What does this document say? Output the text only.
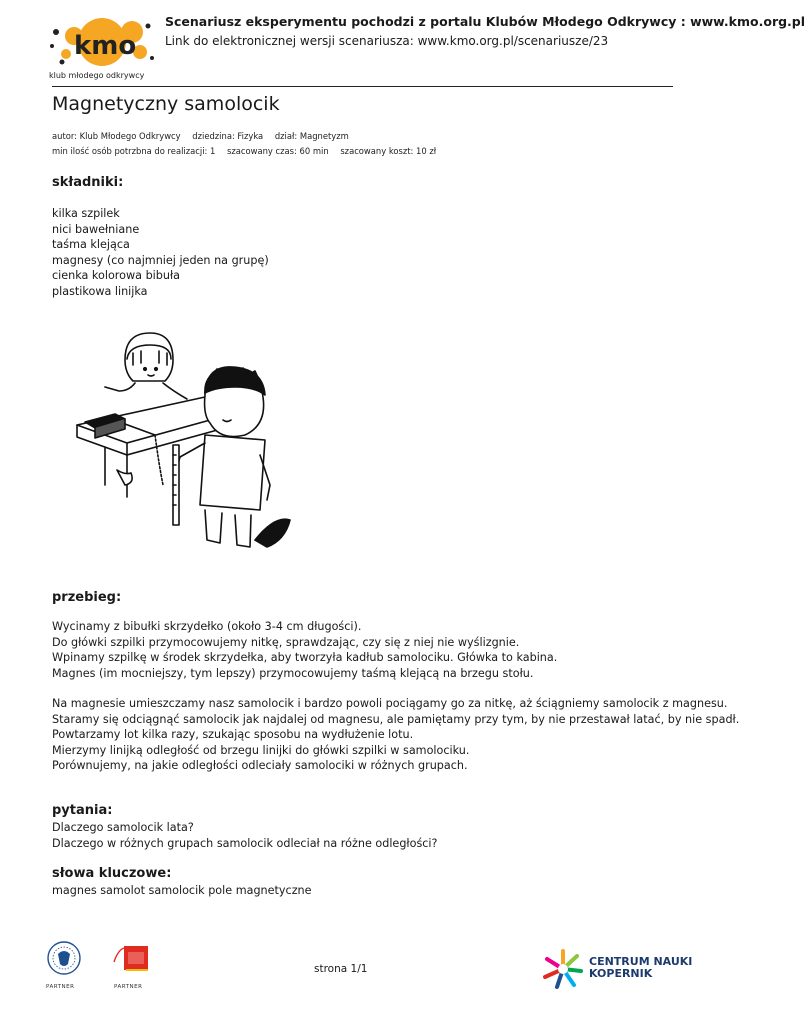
kmo
klub młodego odkrywcy
Scenariusz eksperymentu pochodzi z portalu Klubów Młodego Odkrywcy : www.kmo.org.pl
Link do elektronicznej wersji scenariusza: www.kmo.org.pl/scenariusze/23
Magnetyczny samolocik
autor: Klub Młodego Odkrywcy dziedzina: Fizyka dział: Magnetyzm
min ilość osób potrzbna do realizacji: 1 szacowany czas: 60 min szacowany koszt: 10 zł
składniki:
kilka szpilek
nici bawełniane
taśma klejąca
magnesy (co najmniej jeden na grupę)
cienka kolorowa bibuła
plastikowa linijka
przebieg:
Wycinamy z bibułki skrzydełko (około 3-4 cm długości).
Do główki szpilki przymocowujemy nitkę, sprawdzając, czy się z niej nie wyślizgnie.
Wpinamy szpilkę w środek skrzydełka, aby tworzyła kadłub samolociku. Główka to kabina.
Magnes (im mocniejszy, tym lepszy) przymocowujemy taśmą klejącą na brzegu stołu.
Na magnesie umieszczamy nasz samolocik i bardzo powoli pociągamy go za nitkę, aż ściągniemy samolocik z magnesu.
Staramy się odciągnąć samolocik jak najdalej od magnesu, ale pamiętamy przy tym, by nie przestawał latać, by nie spadł.
Powtarzamy lot kilka razy, szukając sposobu na wydłużenie lotu.
Mierzymy linijką odległość od brzegu linijki do główki szpilki w samolociku.
Porównujemy, na jakie odległości odleciały samolociki w różnych grupach.
pytania:
Dlaczego samolocik lata?
Dlaczego w różnych grupach samolocik odleciał na różne odległości?
słowa kluczowe:
magnes samolot samolocik pole magnetyczne
PARTNER	PARTNER
strona 1/1
CENTRUM NAUKI
KOPERNIK
